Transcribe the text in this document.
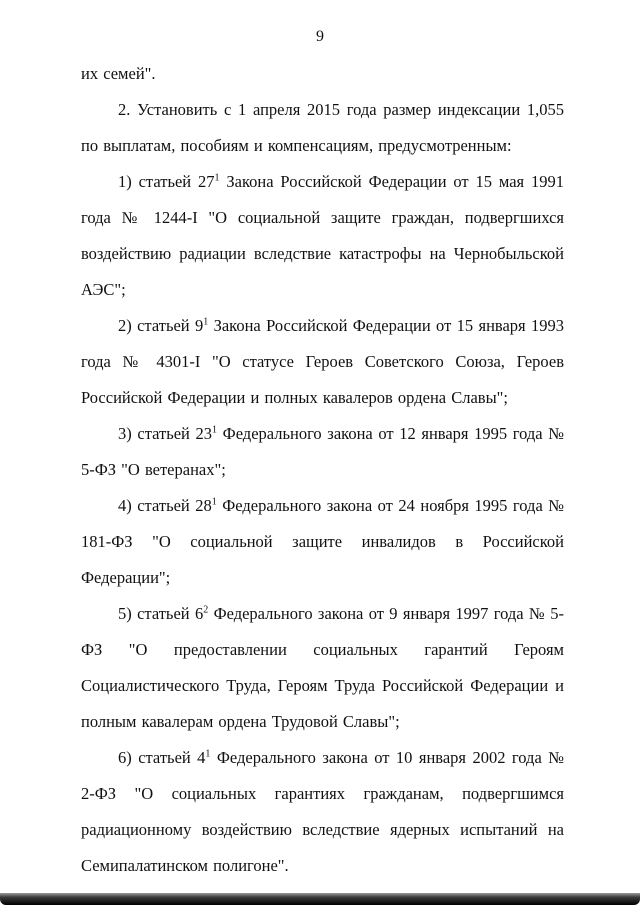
9

их семей".

2. Установить с 1 апреля 2015 года размер индексации 1,055 по выплатам, пособиям и компенсациям, предусмотренным:

1) статьей $27^1$ Закона Российской Федерации от 15 мая 1991 года № 1244-I "О социальной защите граждан, подвергшихся воздействию радиации вследствие катастрофы на Чернобыльской АЭС";

2) статьей $9^1$ Закона Российской Федерации от 15 января 1993 года № 4301-I "О статусе Героев Советского Союза, Героев Российской Федерации и полных кавалеров ордена Славы";

3) статьей $23^1$ Федерального закона от 12 января 1995 года № 5-ФЗ "О ветеранах";

4) статьей $28^1$ Федерального закона от 24 ноября 1995 года № 181-ФЗ "О социальной защите инвалидов в Российской Федерации";

5) статьей $6^2$ Федерального закона от 9 января 1997 года № 5-ФЗ "О предоставлении социальных гарантий Героям Социалистического Труда, Героям Труда Российской Федерации и полным кавалерам ордена Трудовой Славы";

6) статьей $4^1$ Федерального закона от 10 января 2002 года № 2-ФЗ "О социальных гарантиях гражданам, подвергшимся радиационному воздействию вследствие ядерных испытаний на Семипалатинском полигоне".
